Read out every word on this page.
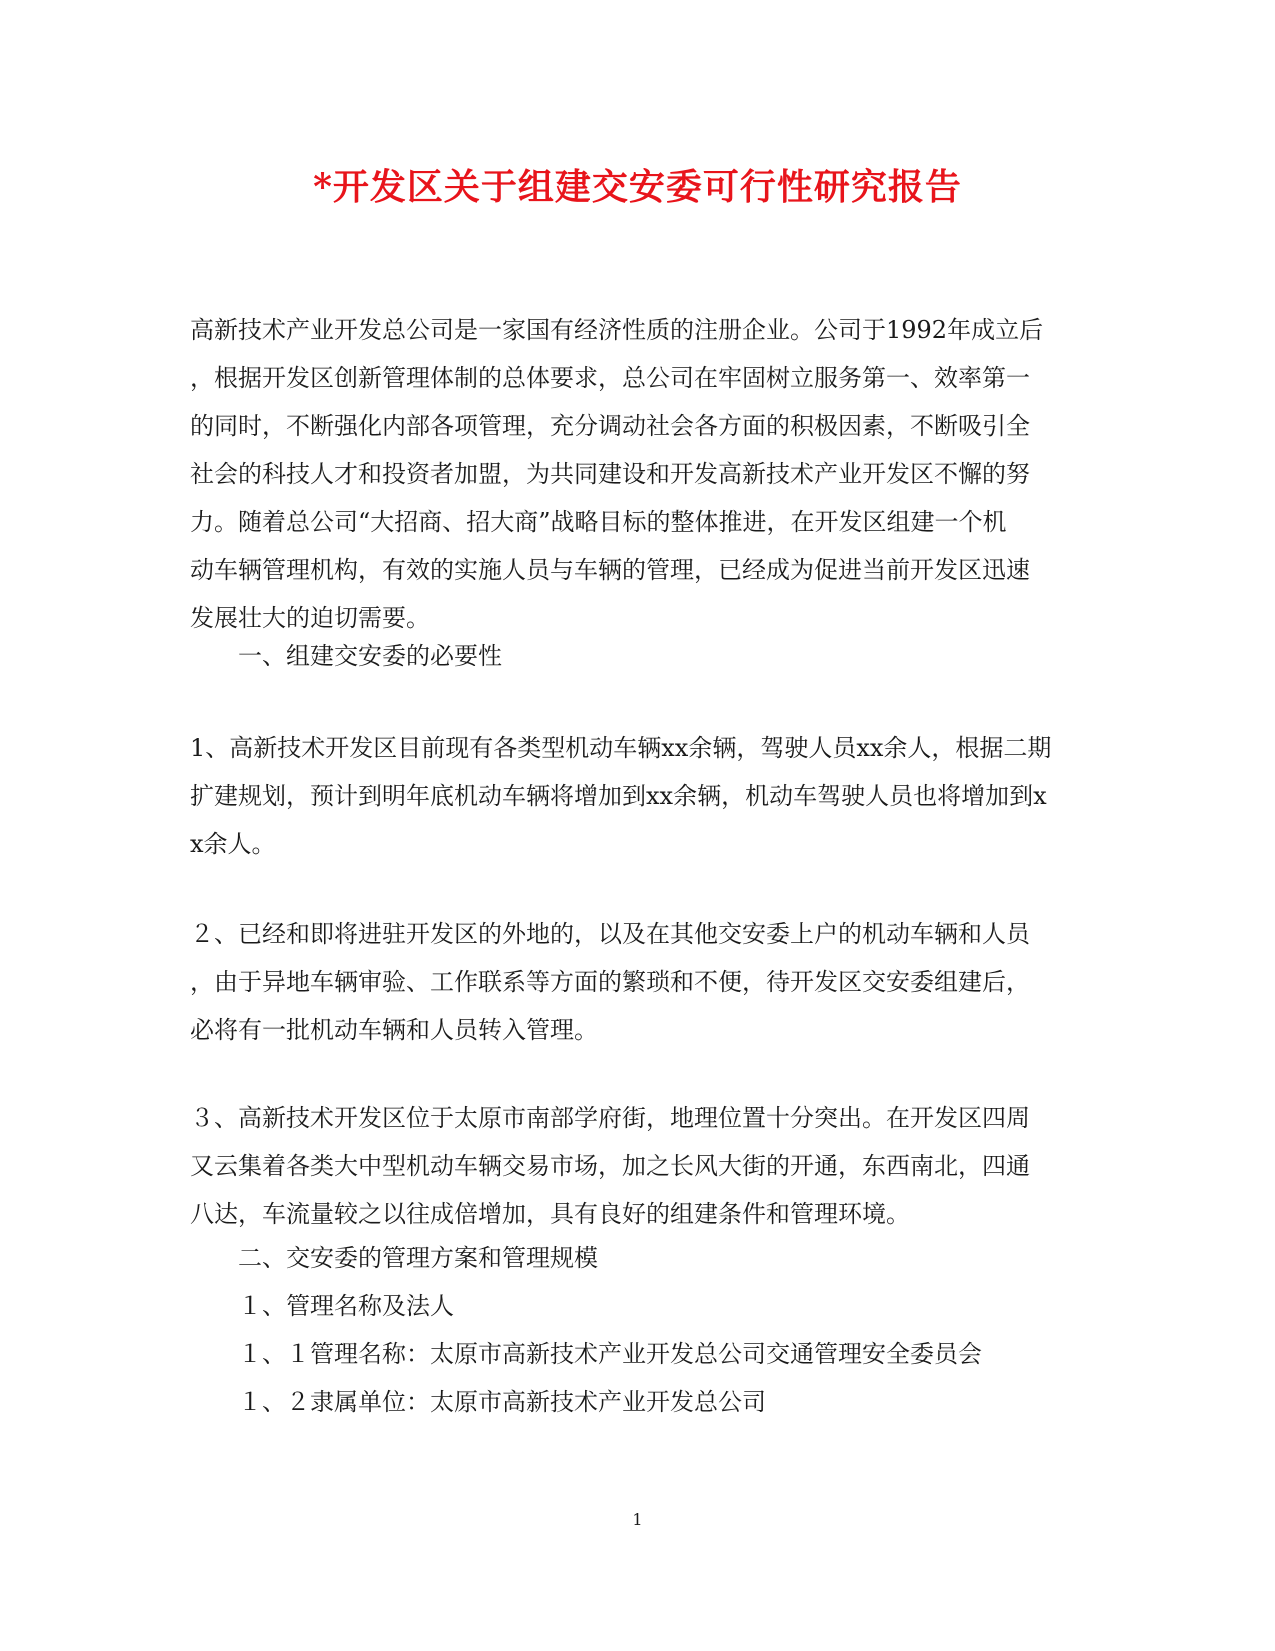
*开发区关于组建交安委可行性研究报告
高新技术产业开发总公司是一家国有经济性质的注册企业。公司于1992年成立后
，根据开发区创新管理体制的总体要求，总公司在牢固树立服务第一、效率第一
的同时，不断强化内部各项管理，充分调动社会各方面的积极因素，不断吸引全
社会的科技人才和投资者加盟，为共同建设和开发高新技术产业开发区不懈的努
力。随着总公司“大招商、招大商”战略目标的整体推进，在开发区组建一个机
动车辆管理机构，有效的实施人员与车辆的管理，已经成为促进当前开发区迅速
发展壮大的迫切需要。
一、组建交安委的必要性
1、高新技术开发区目前现有各类型机动车辆xx余辆，驾驶人员xx余人，根据二期
扩建规划，预计到明年底机动车辆将增加到xx余辆，机动车驾驶人员也将增加到x
x余人。
２、已经和即将进驻开发区的外地的，以及在其他交安委上户的机动车辆和人员
，由于异地车辆审验、工作联系等方面的繁琐和不便，待开发区交安委组建后，
必将有一批机动车辆和人员转入管理。
３、高新技术开发区位于太原市南部学府街，地理位置十分突出。在开发区四周
又云集着各类大中型机动车辆交易市场，加之长风大街的开通，东西南北，四通
八达，车流量较之以往成倍增加，具有良好的组建条件和管理环境。
二、交安委的管理方案和管理规模
１、管理名称及法人
１、１管理名称：太原市高新技术产业开发总公司交通管理安全委员会
１、２隶属单位：太原市高新技术产业开发总公司

1
